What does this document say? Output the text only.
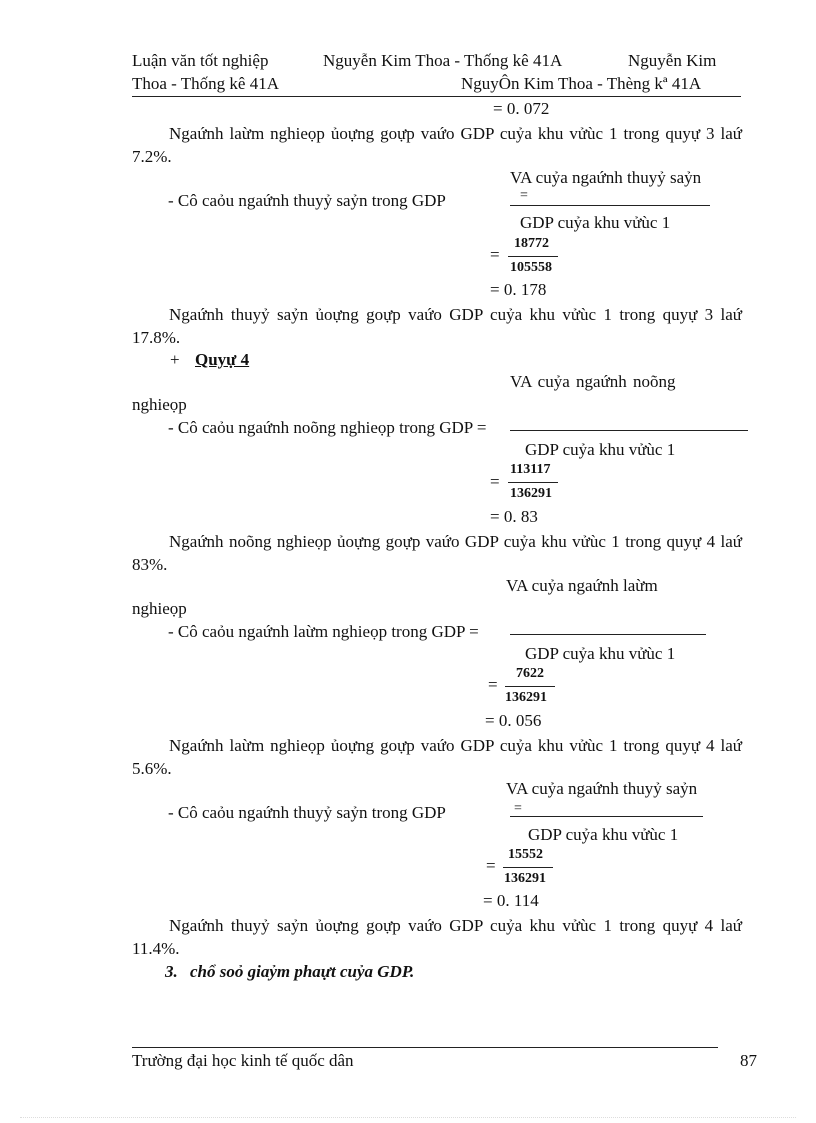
Luận văn tốt nghiệp	Nguyễn Kim Thoa - Thống kê 41A	Nguyễn Kim
Thoa - Thống kê 41A	NguyÔn Kim Thoa - Thèng kª 41A
= 0. 072
Ngaứnh laừm nghieọp ủoựng goựp vaứo GDP cuỷa khu vửùc 1 trong quyự 3 laứ 7.2%.
VA cuỷa ngaứnh thuyỷ saỷn
- Cô caỏu ngaứnh thuyỷ saỷn trong GDP	=
GDP cuỷa khu vửùc 1
=
18772
105558
= 0. 178
Ngaứnh thuyỷ saỷn ủoựng goựp vaứo GDP cuỷa khu vửùc 1 trong quyự 3 laứ 17.8%.
+ Quyự 4
VA cuỷa ngaứnh noõng
nghieọp
- Cô caỏu ngaứnh noõng nghieọp trong GDP =
GDP cuỷa khu vửùc 1
=
113117
136291
= 0. 83
Ngaứnh noõng nghieọp ủoựng goựp vaứo GDP cuỷa khu vửùc 1 trong quyự 4 laứ 83%.
VA cuỷa ngaứnh laừm
nghieọp
- Cô caỏu ngaứnh laừm nghieọp trong GDP =
GDP cuỷa khu vửùc 1
=
7622
136291
= 0. 056
Ngaứnh laừm nghieọp ủoựng goựp vaứo GDP cuỷa khu vửùc 1 trong quyự 4 laứ 5.6%.
VA cuỷa ngaứnh thuyỷ saỷn
- Cô caỏu ngaứnh thuyỷ saỷn trong GDP	=
GDP cuỷa khu vửùc 1
=
15552
136291
= 0. 114
Ngaứnh thuyỷ saỷn ủoựng goựp vaứo GDP cuỷa khu vửùc 1 trong quyự 4 laứ 11.4%.
3. chổ soỏ giaỷm phaựt cuỷa GDP.
Trường đại học kinh tế quốc dân	87
